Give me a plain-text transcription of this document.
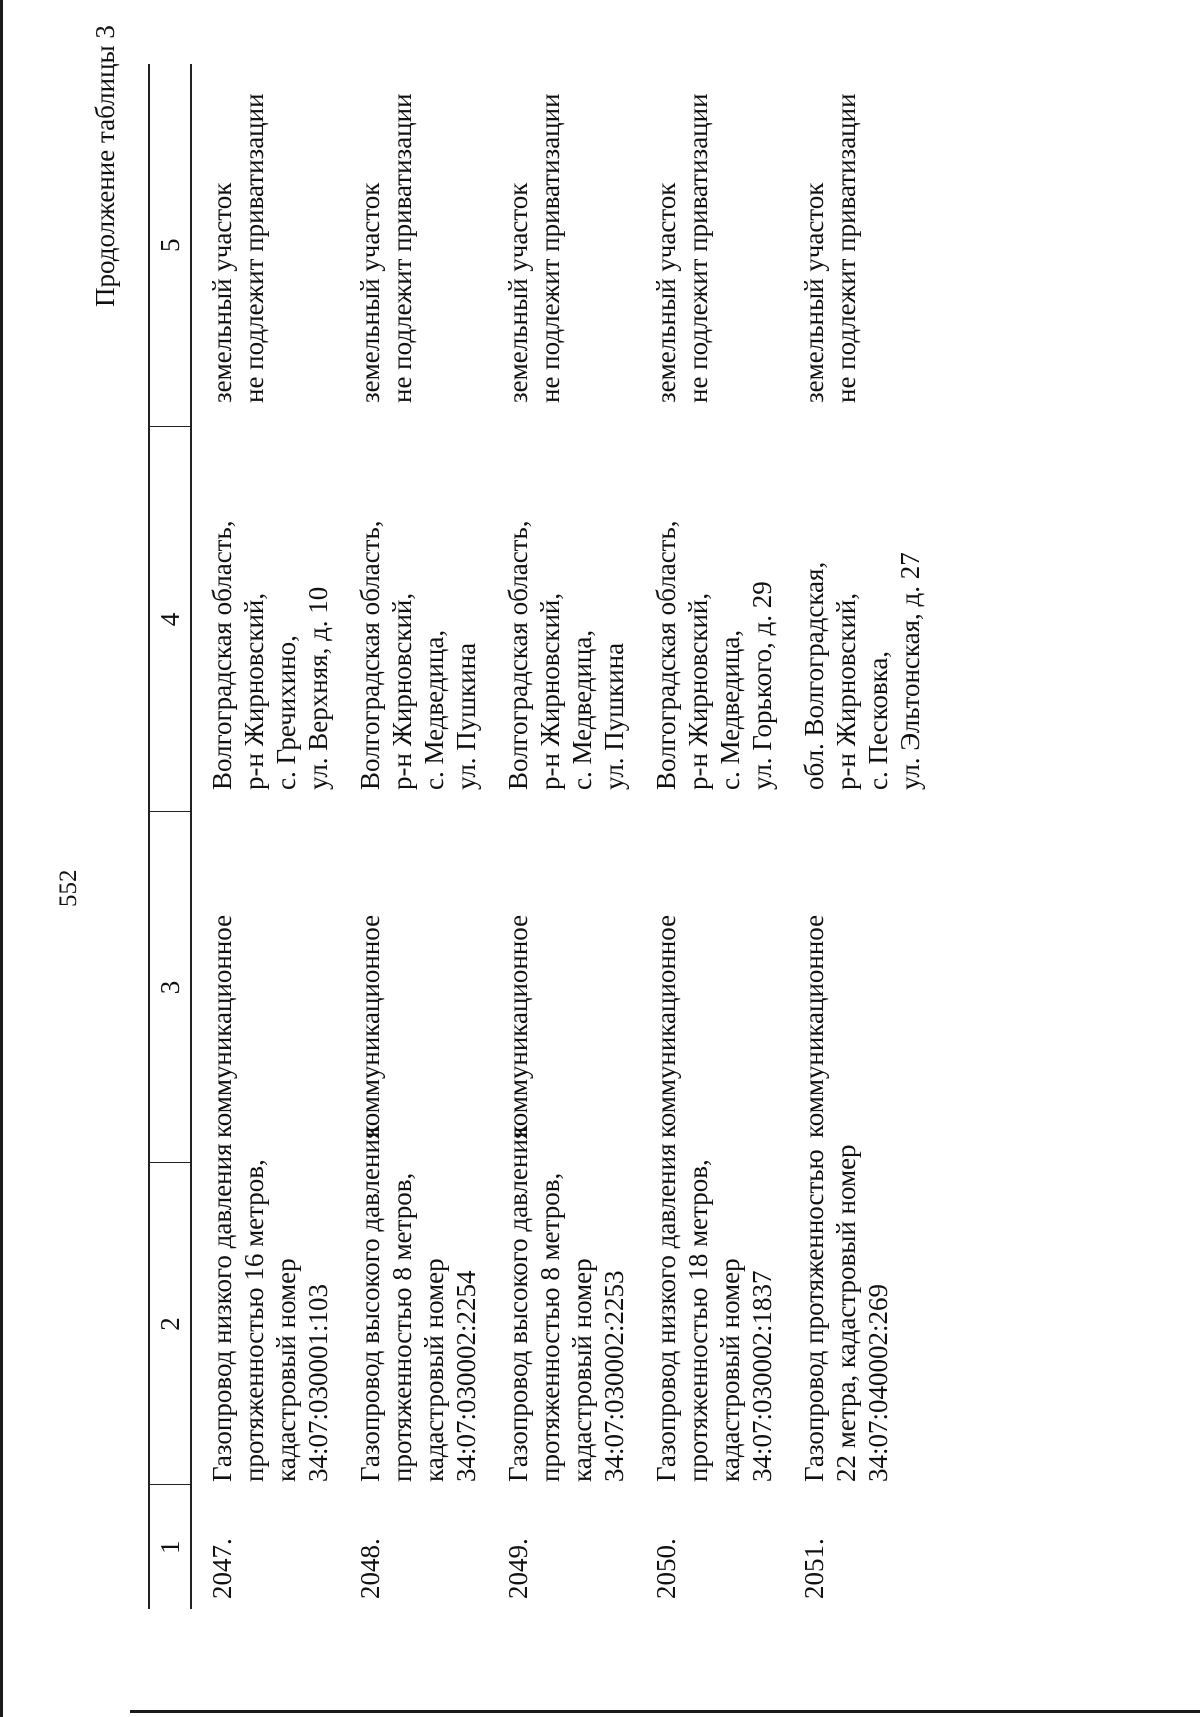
552
Продолжение таблицы 3
1	2	3	4	5
2047.	Газопровод низкого давления протяженностью 16 метров, кадастровый номер 34:07:030001:103	коммуникационное	Волгоградская область, р-н Жирновский, с. Гречихино, ул. Верхняя, д. 10	земельный участок не подлежит приватизации

2048.	Газопровод высокого давления протяженностью 8 метров, кадастровый номер 34:07:030002:2254	коммуникационное	Волгоградская область, р-н Жирновский, с. Медведица, ул. Пушкина	земельный участок не подлежит приватизации

2049.	Газопровод высокого давления протяженностью 8 метров, кадастровый номер 34:07:030002:2253	коммуникационное	Волгоградская область, р-н Жирновский, с. Медведица, ул. Пушкина	земельный участок не подлежит приватизации

2050.	Газопровод низкого давления протяженностью 18 метров, кадастровый номер 34:07:030002:1837	коммуникационное	Волгоградская область, р-н Жирновский, с. Медведица, ул. Горького, д. 29	земельный участок не подлежит приватизации

2051.	Газопровод протяженностью 22 метра, кадастровый номер 34:07:040002:269	коммуникационное	обл. Волгоградская, р-н Жирновский, с. Песковка, ул. Эльтонская, д. 27	земельный участок не подлежит приватизации
